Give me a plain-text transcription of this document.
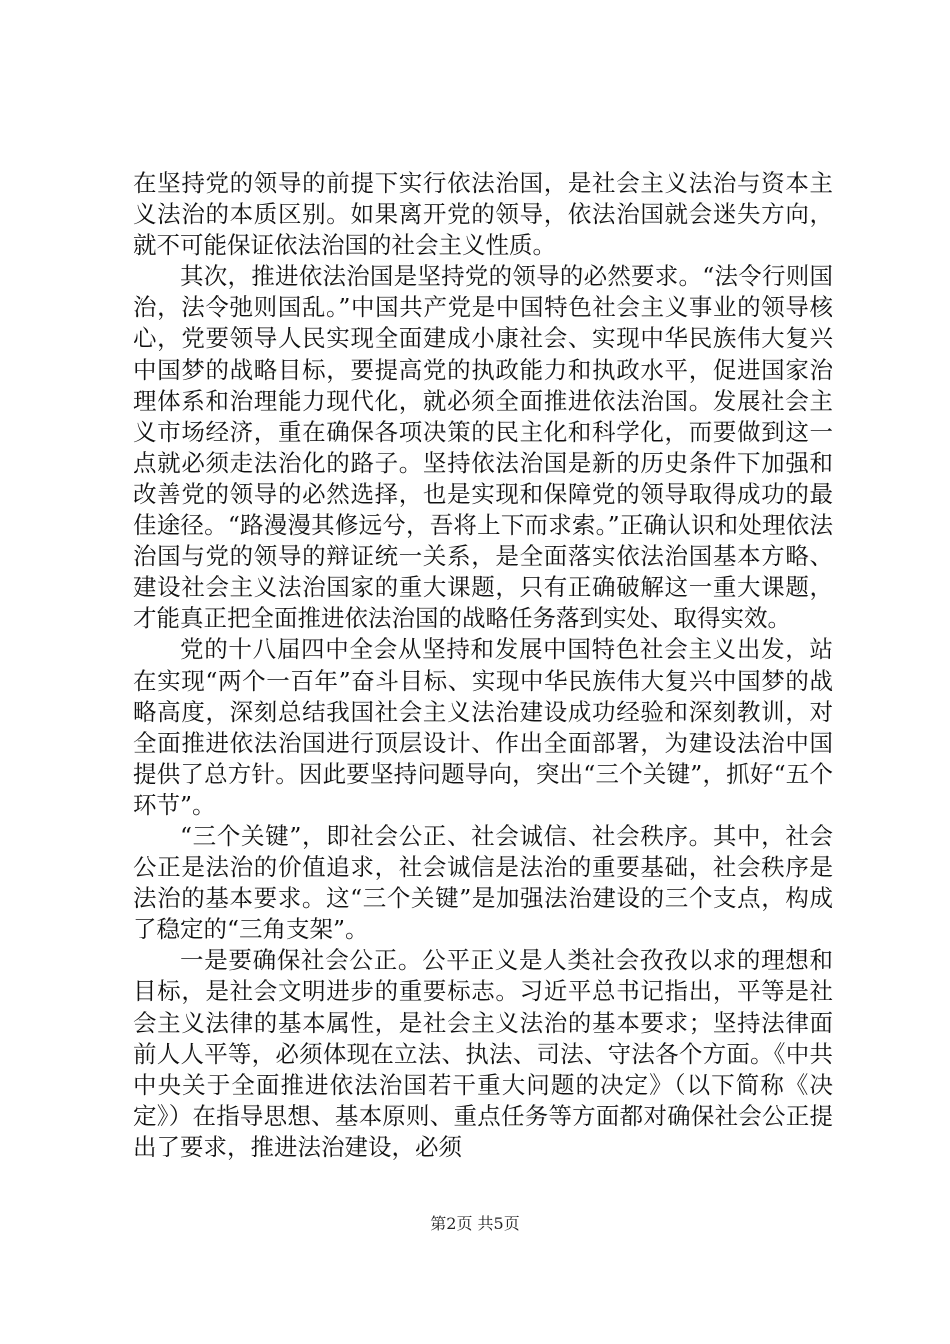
在坚持党的领导的前提下实行依法治国，是社会主义法治与资本主义法治的本质区别。如果离开党的领导，依法治国就会迷失方向，就不可能保证依法治国的社会主义性质。

其次，推进依法治国是坚持党的领导的必然要求。“法令行则国治，法令弛则国乱。”中国共产党是中国特色社会主义事业的领导核心，党要领导人民实现全面建成小康社会、实现中华民族伟大复兴中国梦的战略目标，要提高党的执政能力和执政水平，促进国家治理体系和治理能力现代化，就必须全面推进依法治国。发展社会主义市场经济，重在确保各项决策的民主化和科学化，而要做到这一点就必须走法治化的路子。坚持依法治国是新的历史条件下加强和改善党的领导的必然选择，也是实现和保障党的领导取得成功的最佳途径。“路漫漫其修远兮，吾将上下而求索。”正确认识和处理依法治国与党的领导的辩证统一关系，是全面落实依法治国基本方略、建设社会主义法治国家的重大课题，只有正确破解这一重大课题，才能真正把全面推进依法治国的战略任务落到实处、取得实效。

党的十八届四中全会从坚持和发展中国特色社会主义出发，站在实现“两个一百年”奋斗目标、实现中华民族伟大复兴中国梦的战略高度，深刻总结我国社会主义法治建设成功经验和深刻教训，对全面推进依法治国进行顶层设计、作出全面部署，为建设法治中国提供了总方针。因此要坚持问题导向，突出“三个关键”，抓好“五个环节”。

“三个关键”，即社会公正、社会诚信、社会秩序。其中，社会公正是法治的价值追求，社会诚信是法治的重要基础，社会秩序是法治的基本要求。这“三个关键”是加强法治建设的三个支点，构成了稳定的“三角支架”。

一是要确保社会公正。公平正义是人类社会孜孜以求的理想和目标，是社会文明进步的重要标志。习近平总书记指出，平等是社会主义法律的基本属性，是社会主义法治的基本要求；坚持法律面前人人平等，必须体现在立法、执法、司法、守法各个方面。《中共中央关于全面推进依法治国若干重大问题的决定》（以下简称《决定》）在指导思想、基本原则、重点任务等方面都对确保社会公正提出了要求，推进法治建设，必须

第2页 共5页
